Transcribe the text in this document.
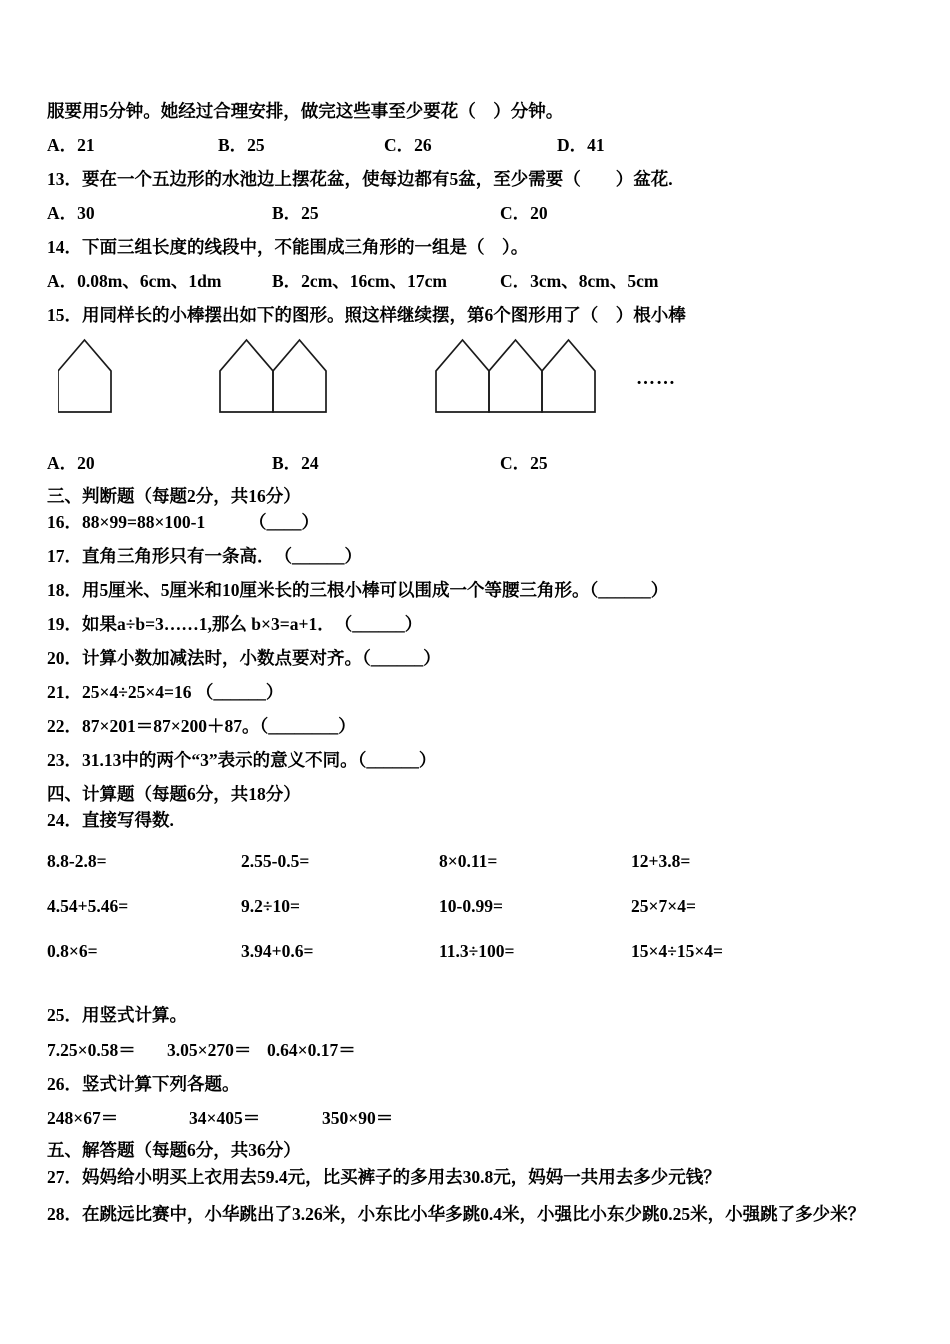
服要用5分钟。她经过合理安排，做完这些事至少要花（　）分钟。

A．21	B．25	C．26	D．41

13．要在一个五边形的水池边上摆花盆，使每边都有5盆，至少需要（　　）盆花.

A．30	B．25	C．20

14．下面三组长度的线段中，不能围成三角形的一组是（　）。

A．0.08m、6cm、1dm	B．2cm、16cm、17cm	C．3cm、8cm、5cm

15．用同样长的小棒摆出如下的图形。照这样继续摆，第6个图形用了（　）根小棒

……
A．20	B．24	C．25

三、判断题（每题2分，共16分）

16．88×99=88×100-1　　　（____）

17．直角三角形只有一条高．　（______）

18．用5厘米、5厘米和10厘米长的三根小棒可以围成一个等腰三角形。（______）

19．如果a÷b=3……1,那么 b×3=a+1．　（______）

20．计算小数加减法时，小数点要对齐。（______）

21．25×4÷25×4=16 （______）

22．87×201＝87×200＋87。（________）

23．31.13中的两个“3”表示的意义不同。（______）

四、计算题（每题6分，共18分）

24．直接写得数.

8.8-2.8=	2.55-0.5=	8×0.11=	12+3.8=
4.54+5.46=	9.2÷10=	10-0.99=	25×7×4=
0.8×6=	3.94+0.6=	11.3÷100=	15×4÷15×4=

25．用竖式计算。

7.25×0.58＝	3.05×270＝ 0.64×0.17＝

26．竖式计算下列各题。

248×67＝	34×405＝	350×90＝

五、解答题（每题6分，共36分）

27．妈妈给小明买上衣用去59.4元，比买裤子的多用去30.8元，妈妈一共用去多少元钱？

28．在跳远比赛中，小华跳出了3.26米，小东比小华多跳0.4米，小强比小东少跳0.25米，小强跳了多少米？
